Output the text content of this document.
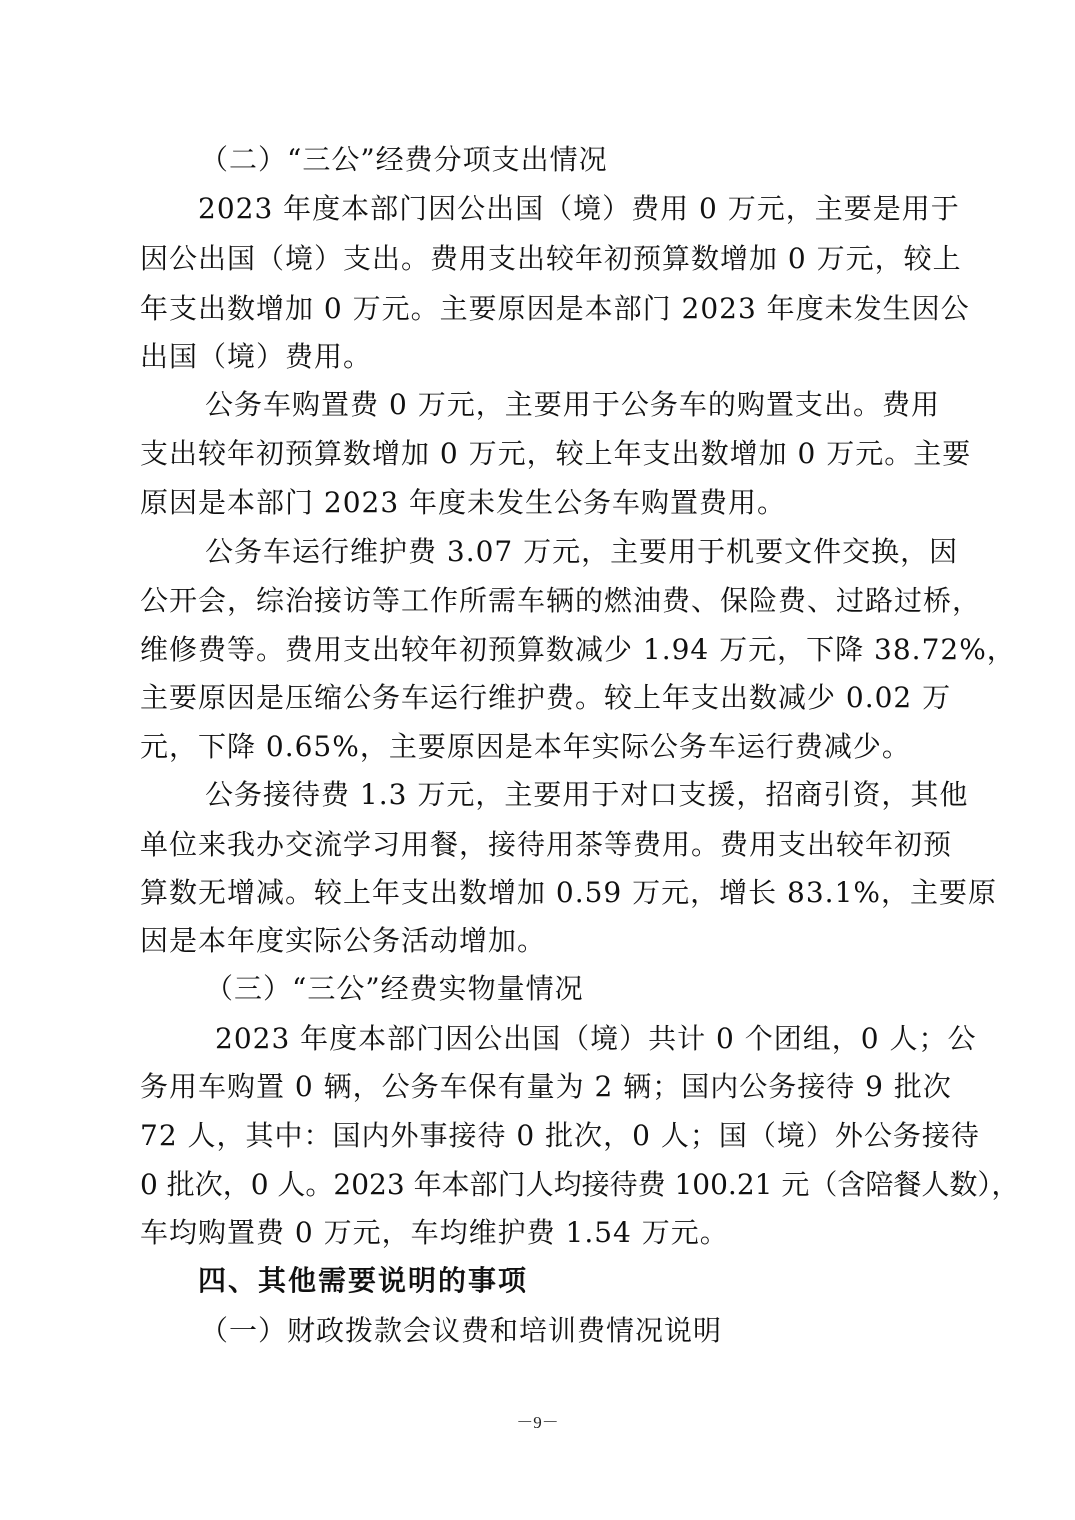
（二）“三公”经费分项支出情况
2023 年度本部门因公出国（境）费用 0 万元，主要是用于
因公出国（境）支出。费用支出较年初预算数增加 0 万元，较上
年支出数增加 0 万元。主要原因是本部门 2023 年度未发生因公
出国（境）费用。
公务车购置费 0 万元，主要用于公务车的购置支出。费用
支出较年初预算数增加 0 万元，较上年支出数增加 0 万元。主要
原因是本部门 2023 年度未发生公务车购置费用。
公务车运行维护费 3.07 万元，主要用于机要文件交换，因
公开会，综治接访等工作所需车辆的燃油费、保险费、过路过桥，
维修费等。费用支出较年初预算数减少 1.94 万元，下降 38.72%，
主要原因是压缩公务车运行维护费。较上年支出数减少 0.02 万
元，下降 0.65%，主要原因是本年实际公务车运行费减少。
公务接待费 1.3 万元，主要用于对口支援，招商引资，其他
单位来我办交流学习用餐，接待用茶等费用。费用支出较年初预
算数无增减。较上年支出数增加 0.59 万元，增长 83.1%，主要原
因是本年度实际公务活动增加。
（三）“三公”经费实物量情况
2023 年度本部门因公出国（境）共计 0 个团组，0 人；公
务用车购置 0 辆，公务车保有量为 2 辆；国内公务接待 9 批次
72 人，其中：国内外事接待 0 批次，0 人；国（境）外公务接待
0 批次，0 人。2023 年本部门人均接待费 100.21 元（含陪餐人数），
车均购置费 0 万元，车均维护费 1.54 万元。
四、其他需要说明的事项
（一）财政拨款会议费和培训费情况说明
－9－
